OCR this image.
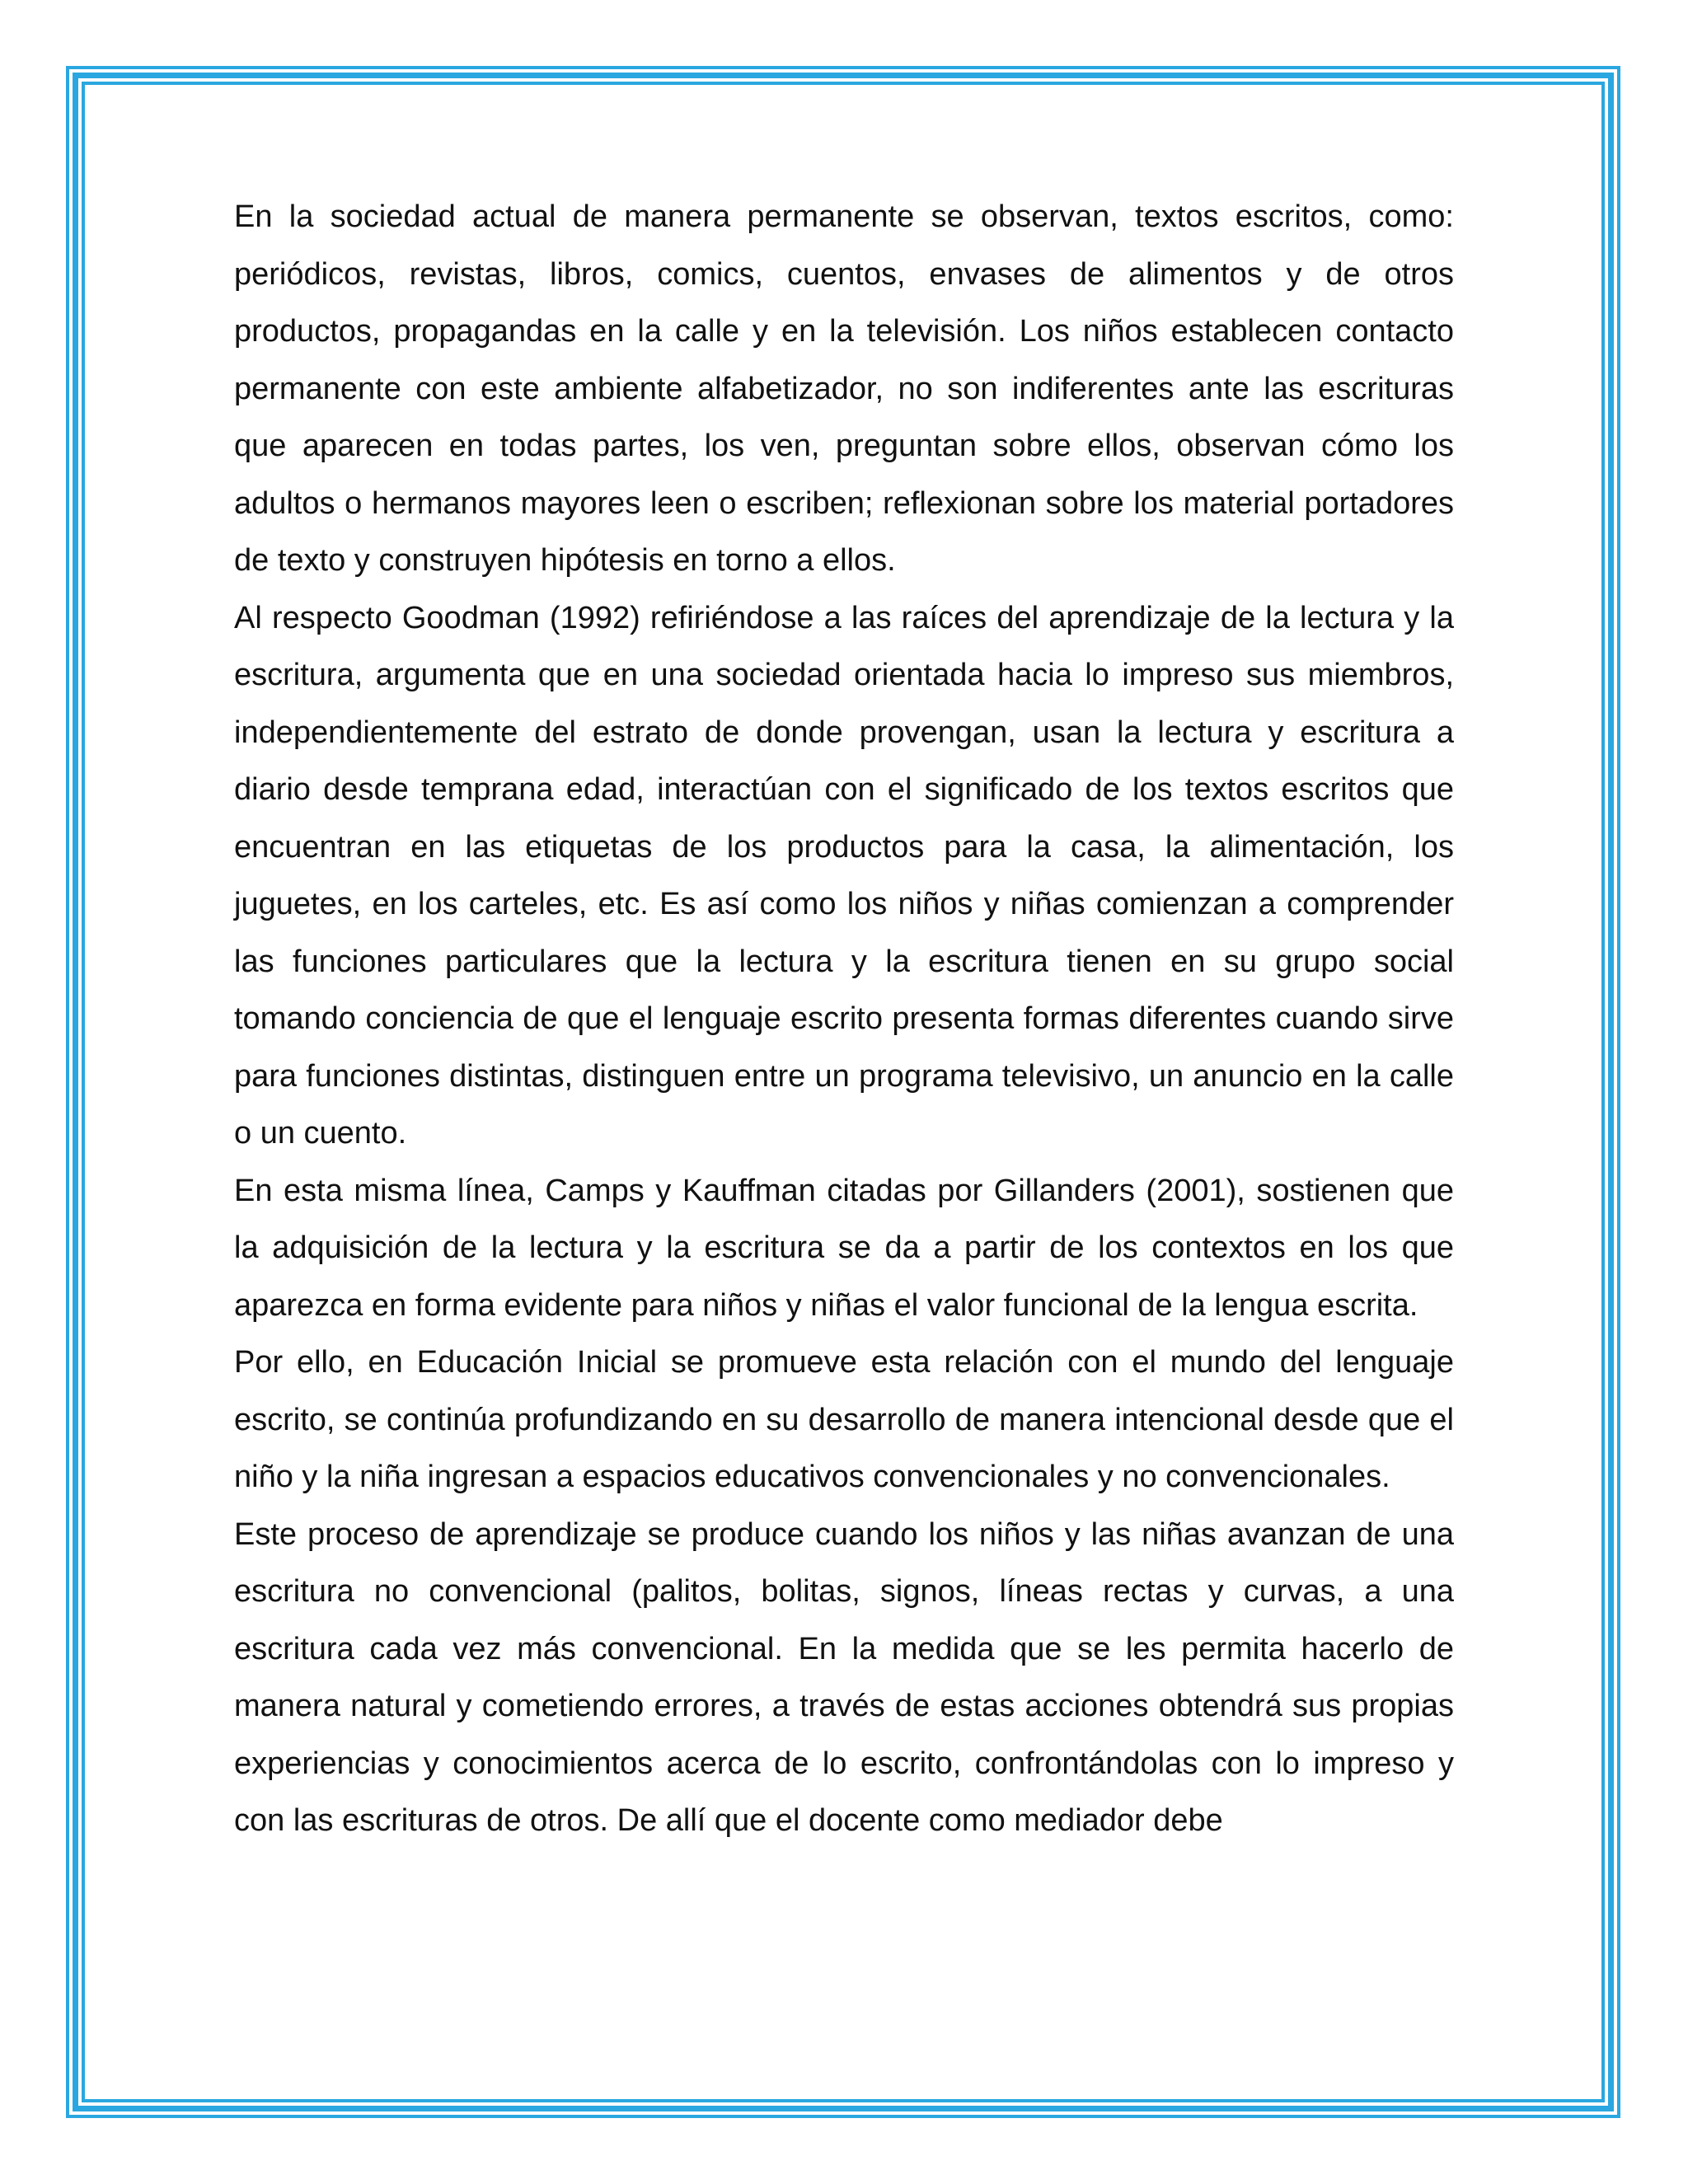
En la sociedad actual de manera permanente se observan, textos escritos, como: periódicos, revistas, libros, comics, cuentos, envases de alimentos y de otros productos, propagandas en la calle y en la televisión. Los niños establecen contacto permanente con este ambiente alfabetizador, no son indiferentes ante las escrituras que aparecen en todas partes, los ven, preguntan sobre ellos, observan cómo los adultos o hermanos mayores leen o escriben; reflexionan sobre los material portadores de texto y construyen hipótesis en torno a ellos.

Al respecto Goodman (1992) refiriéndose a las raíces del aprendizaje de la lectura y la escritura, argumenta que en una sociedad orientada hacia lo impreso sus miembros, independientemente del estrato de donde provengan, usan la lectura y escritura a diario desde temprana edad, interactúan con el significado de los textos escritos que encuentran en las etiquetas de los productos para la casa, la alimentación, los juguetes, en los carteles, etc. Es así como los niños y niñas comienzan a comprender las funciones particulares que la lectura y la escritura tienen en su grupo social tomando conciencia de que el lenguaje escrito presenta formas diferentes cuando sirve para funciones distintas, distinguen entre un programa televisivo, un anuncio en la calle o un cuento.

En esta misma línea, Camps y Kauffman citadas por Gillanders (2001), sostienen que la adquisición de la lectura y la escritura se da a partir de los contextos en los que aparezca en forma evidente para niños y niñas el valor funcional de la lengua escrita.

Por ello, en Educación Inicial se promueve esta relación con el mundo del lenguaje escrito, se continúa profundizando en su desarrollo de manera intencional desde que el niño y la niña ingresan a espacios educativos convencionales y no convencionales.

Este proceso de aprendizaje se produce cuando los niños y las niñas avanzan de una escritura no convencional (palitos, bolitas, signos, líneas rectas y curvas, a una escritura cada vez más convencional. En la medida que se les permita hacerlo de manera natural y cometiendo errores, a través de estas acciones obtendrá sus propias experiencias y conocimientos acerca de lo escrito, confrontándolas con lo impreso y con las escrituras de otros. De allí que el docente como mediador debe
